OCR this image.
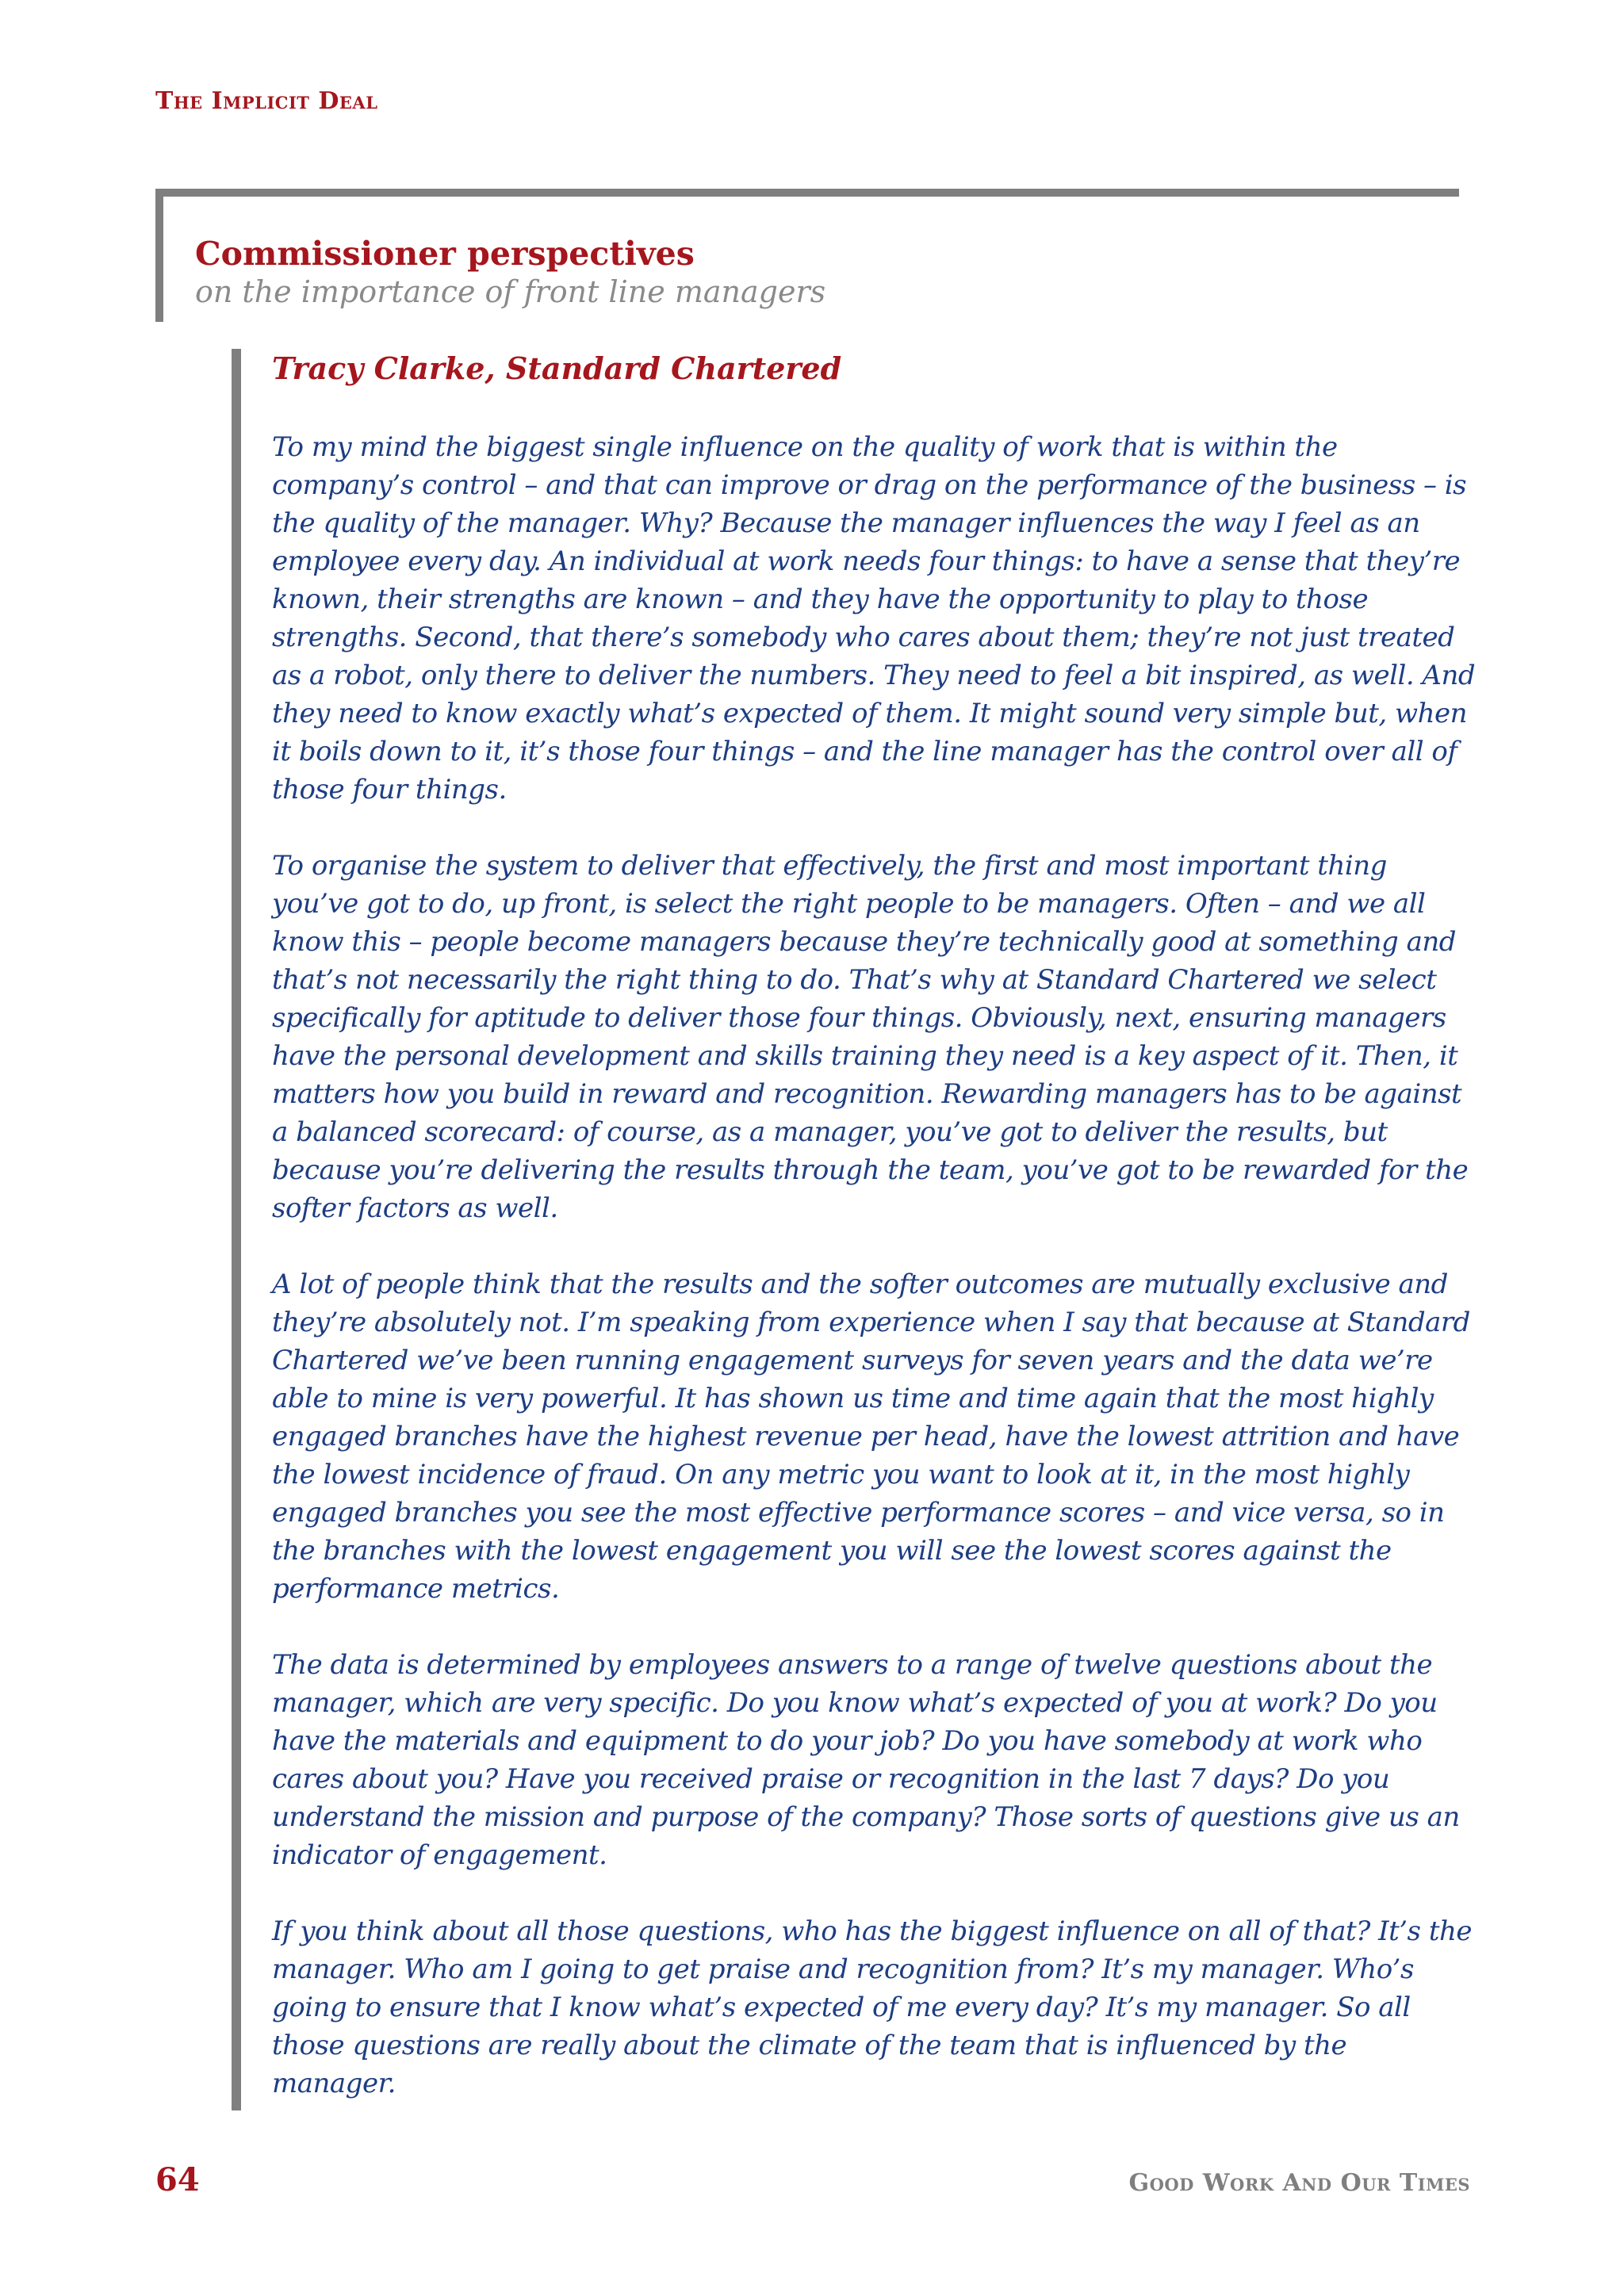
The Implicit Deal
Commissioner perspectives
on the importance of front line managers
Tracy Clarke, Standard Chartered

To my mind the biggest single influence on the quality of work that is within the company’s control – and that can improve or drag on the performance of the business – is the quality of the manager. Why? Because the manager influences the way I feel as an employee every day. An individual at work needs four things: to have a sense that they’re known, their strengths are known – and they have the opportunity to play to those strengths. Second, that there’s somebody who cares about them; they’re not just treated as a robot, only there to deliver the numbers. They need to feel a bit inspired, as well. And they need to know exactly what’s expected of them. It might sound very simple but, when it boils down to it, it’s those four things – and the line manager has the control over all of those four things.

To organise the system to deliver that effectively, the first and most important thing you’ve got to do, up front, is select the right people to be managers. Often – and we all know this – people become managers because they’re technically good at something and that’s not necessarily the right thing to do. That’s why at Standard Chartered we select specifically for aptitude to deliver those four things. Obviously, next, ensuring managers have the personal development and skills training they need is a key aspect of it. Then, it matters how you build in reward and recognition. Rewarding managers has to be against a balanced scorecard: of course, as a manager, you’ve got to deliver the results, but because you’re delivering the results through the team, you’ve got to be rewarded for the softer factors as well.

A lot of people think that the results and the softer outcomes are mutually exclusive and they’re absolutely not. I’m speaking from experience when I say that because at Standard Chartered we’ve been running engagement surveys for seven years and the data we’re able to mine is very powerful. It has shown us time and time again that the most highly engaged branches have the highest revenue per head, have the lowest attrition and have the lowest incidence of fraud. On any metric you want to look at it, in the most highly engaged branches you see the most effective performance scores – and vice versa, so in the branches with the lowest engagement you will see the lowest scores against the performance metrics.

The data is determined by employees answers to a range of twelve questions about the manager, which are very specific. Do you know what’s expected of you at work? Do you have the materials and equipment to do your job? Do you have somebody at work who cares about you? Have you received praise or recognition in the last 7 days? Do you understand the mission and purpose of the company? Those sorts of questions give us an indicator of engagement.

If you think about all those questions, who has the biggest influence on all of that? It’s the manager. Who am I going to get praise and recognition from? It’s my manager. Who’s going to ensure that I know what’s expected of me every day? It’s my manager. So all those questions are really about the climate of the team that is influenced by the manager.

64	Good Work And Our Times
